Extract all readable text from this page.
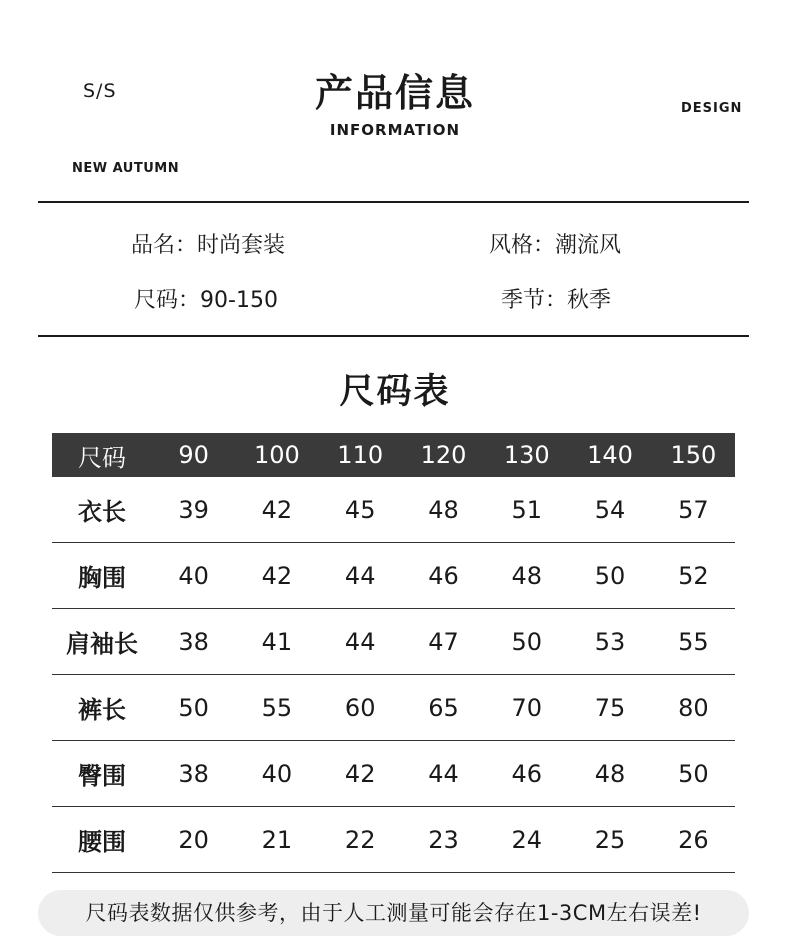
S/S	产品信息
INFORMATION
DESIGN
NEW AUTUMN
品名：时尚套装	风格：潮流风
尺码：90-150	季节：秋季
尺码表
尺码	90	100	110	120	130	140	150
衣长	39	42	45	48	51	54	57
胸围	40	42	44	46	48	50	52
肩袖长	38	41	44	47	50	53	55
裤长	50	55	60	65	70	75	80
臀围	38	40	42	44	46	48	50
腰围	20	21	22	23	24	25	26
尺码表数据仅供参考，由于人工测量可能会存在1-3CM左右误差!
